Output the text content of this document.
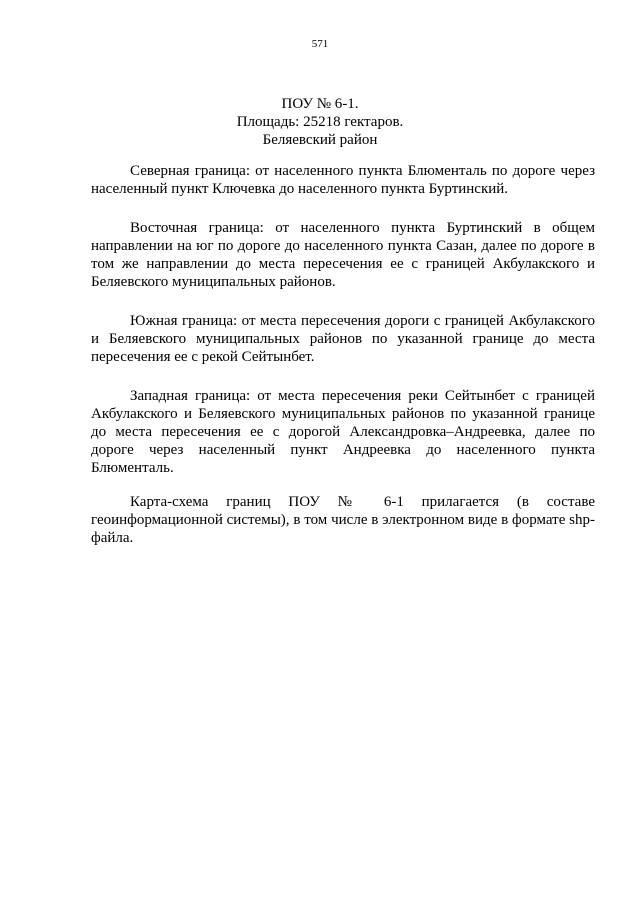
571
ПОУ № 6-1.
Площадь: 25218 гектаров.
Беляевский район

Северная граница: от населенного пункта Блюменталь по дороге через населенный пункт Ключевка до населенного пункта Буртинский.

Восточная граница: от населенного пункта Буртинский в общем направлении на юг по дороге до населенного пункта Сазан, далее по дороге в том же направлении до места пересечения ее с границей Акбулакского и Беляевского муниципальных районов.

Южная граница: от места пересечения дороги с границей Акбулакского и Беляевского муниципальных районов по указанной границе до места пересечения ее с рекой Сейтынбет.

Западная граница: от места пересечения реки Сейтынбет с границей Акбулакского и Беляевского муниципальных районов по указанной границе до места пересечения ее с дорогой Александровка–Андреевка, далее по дороге через населенный пункт Андреевка до населенного пункта Блюменталь.

Карта-схема границ ПОУ № 6-1 прилагается (в составе геоинформационной системы), в том числе в электронном виде в формате shp-файла.
